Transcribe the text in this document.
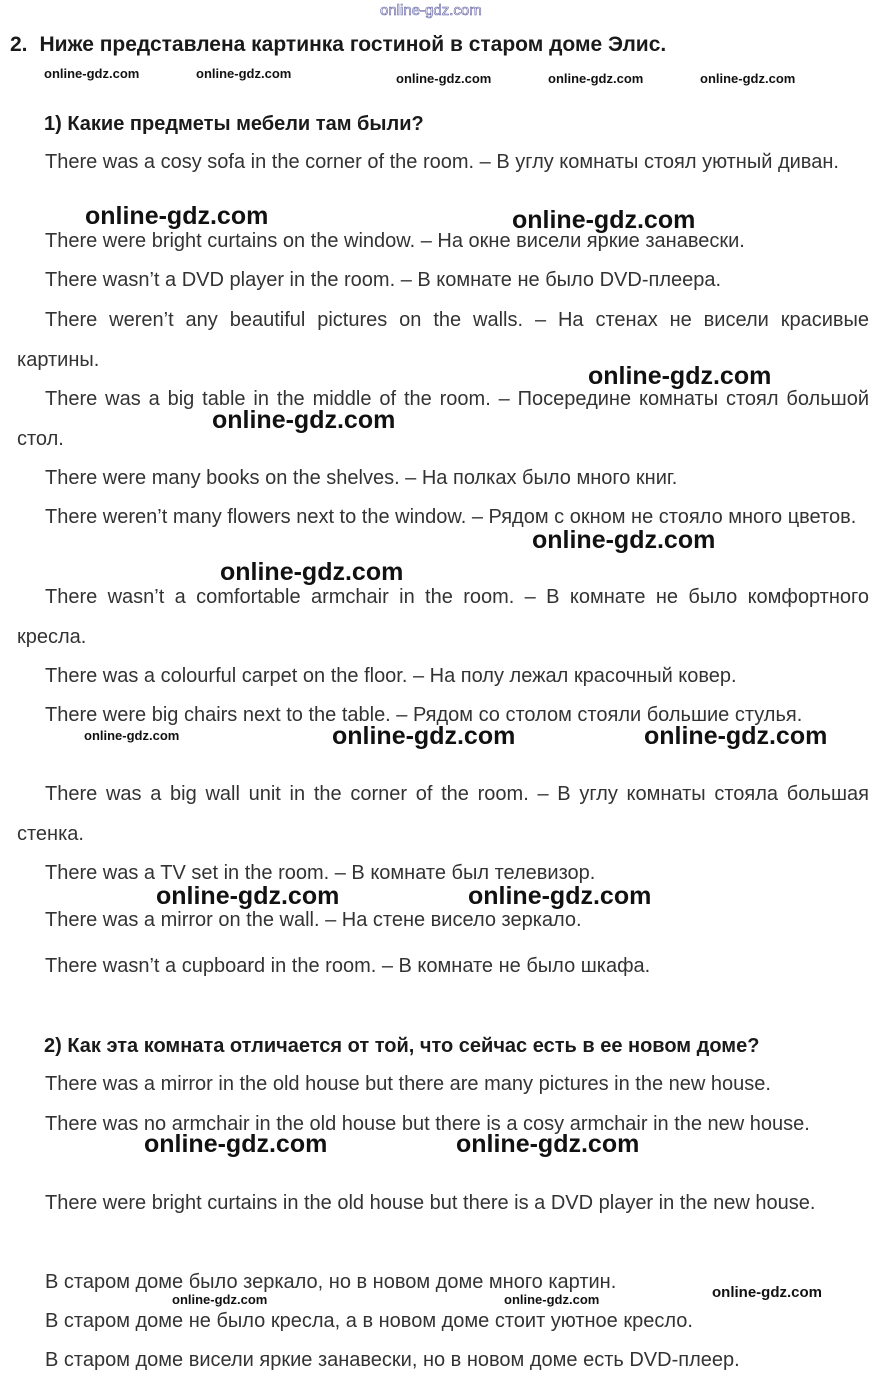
online-gdz.com
2. Ниже представлена картинка гостиной в старом доме Элис.
online-gdz.com	online-gdz.com	online-gdz.com	online-gdz.com	online-gdz.com
1) Какие предметы мебели там были?

There was a cosy sofa in the corner of the room. – В углу комнаты стоял уютный диван.

There were bright curtains on the window. – На окне висели яркие занавески.

There wasn’t a DVD player in the room. – В комнате не было DVD-плеера.

There weren’t any beautiful pictures on the walls. – На стенах не висели красивые картины.

There was a big table in the middle of the room. – Посередине комнаты стоял большой стол.

There were many books on the shelves. – На полках было много книг.

There weren’t many flowers next to the window. – Рядом с окном не стояло много цветов.

There wasn’t a comfortable armchair in the room. – В комнате не было комфортного кресла.

There was a colourful carpet on the floor. – На полу лежал красочный ковер.

There were big chairs next to the table. – Рядом со столом стояли большие стулья.

There was a big wall unit in the corner of the room. – В углу комнаты стояла большая стенка.

There was a TV set in the room. – В комнате был телевизор.

There was a mirror on the wall. – На стене висело зеркало.

There wasn’t a cupboard in the room. – В комнате не было шкафа.

2) Как эта комната отличается от той, что сейчас есть в ее новом доме?

There was a mirror in the old house but there are many pictures in the new house.

There was no armchair in the old house but there is a cosy armchair in the new house.

There were bright curtains in the old house but there is a DVD player in the new house.

В старом доме было зеркало, но в новом доме много картин.

В старом доме не было кресла, а в новом доме стоит уютное кресло.

В старом доме висели яркие занавески, но в новом доме есть DVD-плеер.

online-gdz.com	online-gdz.com
online-gdz.com
online-gdz.com
online-gdz.com
online-gdz.com
online-gdz.com	online-gdz.com	online-gdz.com
online-gdz.com	online-gdz.com
online-gdz.com	online-gdz.com
online-gdz.com	online-gdz.com	online-gdz.com
